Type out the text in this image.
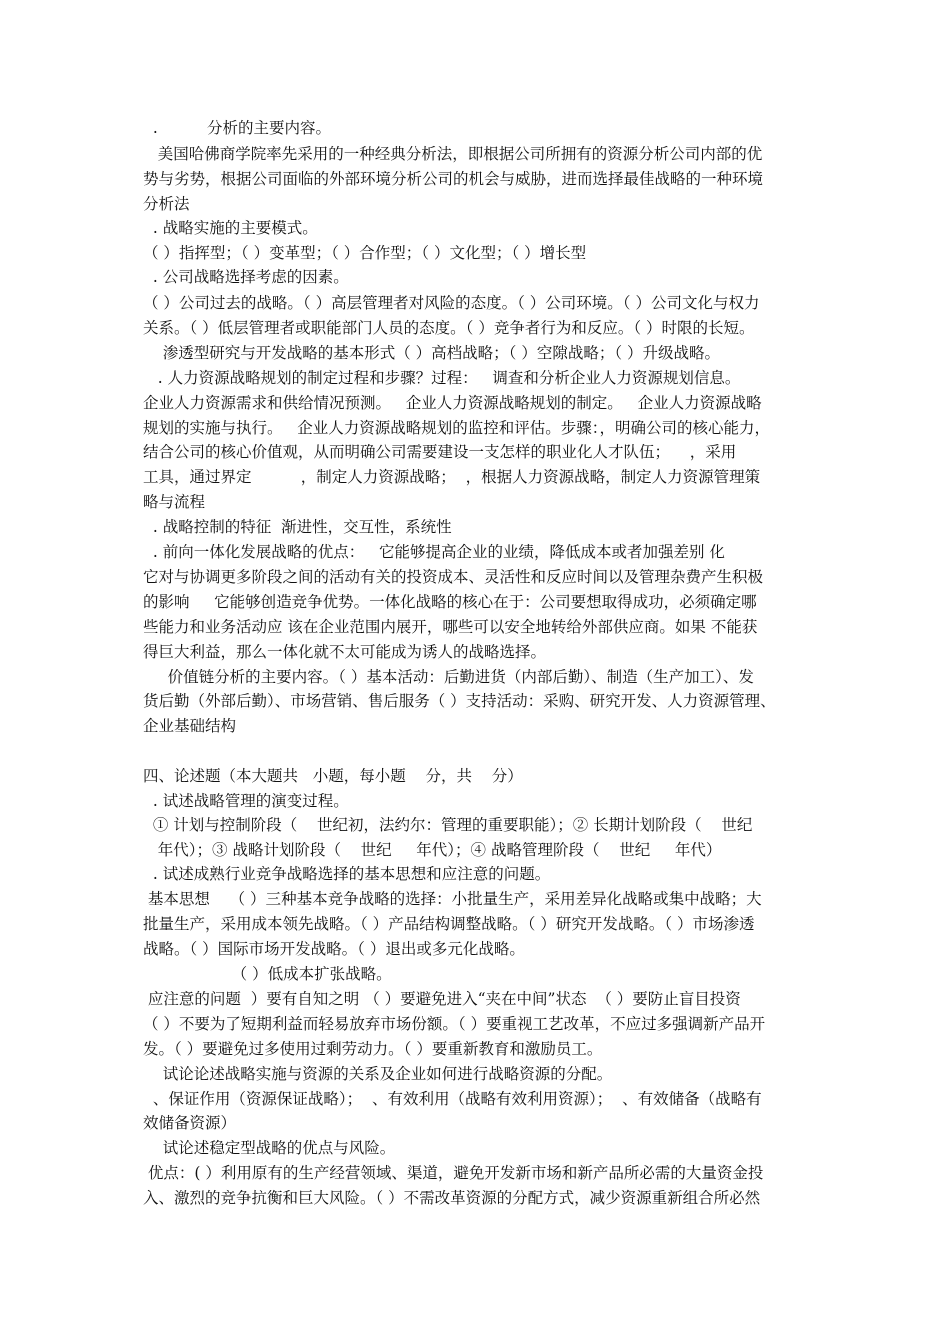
.          分析的主要内容。
美国哈佛商学院率先采用的一种经典分析法，即根据公司所拥有的资源分析公司内部的优
势与劣势，根据公司面临的外部环境分析公司的机会与威胁，进而选择最佳战略的一种环境
分析法
. 战略实施的主要模式。
（ ）指挥型；（ ）变革型；（ ）合作型；（ ）文化型；（ ）增长型
. 公司战略选择考虑的因素。
（ ）公司过去的战略。（ ）高层管理者对风险的态度。（ ）公司环境。（ ）公司文化与权力
关系。（ ）低层管理者或职能部门人员的态度。（ ）竞争者行为和反应。（ ）时限的长短。
渗透型研究与开发战略的基本形式（ ）高档战略；（ ）空隙战略；（ ）升级战略。
. 人力资源战略规划的制定过程和步骤？过程：   调查和分析企业人力资源规划信息。
企业人力资源需求和供给情况预测。   企业人力资源战略规划的制定。   企业人力资源战略
规划的实施与执行。   企业人力资源战略规划的监控和评估。步骤：，明确公司的核心能力，
结合公司的核心价值观，从而明确公司需要建设一支怎样的职业化人才队伍；    ，采用
工具，通过界定          ，制定人力资源战略；  ，根据人力资源战略，制定人力资源管理策
略与流程
. 战略控制的特征  渐进性，交互性，系统性
. 前向一体化发展战略的优点：   它能够提高企业的业绩，降低成本或者加强差别 化
它对与协调更多阶段之间的活动有关的投资成本、灵活性和反应时间以及管理杂费产生积极
的影响     它能够创造竞争优势。一体化战略的核心在于：公司要想取得成功，必须确定哪
些能力和业务活动应 该在企业范围内展开，哪些可以安全地转给外部供应商。如果 不能获
得巨大利益，那么一体化就不太可能成为诱人的战略选择。
价值链分析的主要内容。（ ）基本活动：后勤进货（内部后勤）、制造（生产加工）、发
货后勤（外部后勤）、市场营销、售后服务（ ）支持活动：采购、研究开发、人力资源管理、
企业基础结构
四、论述题（本大题共   小题，每小题    分，共    分）
. 试述战略管理的演变过程。
① 计划与控制阶段（    世纪初，法约尔：管理的重要职能）；② 长期计划阶段（    世纪
年代）；③ 战略计划阶段（    世纪     年代）；④ 战略管理阶段（    世纪     年代）
. 试述成熟行业竞争战略选择的基本思想和应注意的问题。
基本思想    （ ）三种基本竞争战略的选择：小批量生产，采用差异化战略或集中战略；大
批量生产，采用成本领先战略。（ ）产品结构调整战略。（ ）研究开发战略。（ ）市场渗透
战略。（ ）国际市场开发战略。（ ）退出或多元化战略。
（ ）低成本扩张战略。
应注意的问题  ）要有自知之明 （ ）要避免进入“夹在中间”状态  （ ）要防止盲目投资
（ ）不要为了短期利益而轻易放弃市场份额。（ ）要重视工艺改革，不应过多强调新产品开
发。（ ）要避免过多使用过剩劳动力。（ ）要重新教育和激励员工。
试论论述战略实施与资源的关系及企业如何进行战略资源的分配。
、保证作用（资源保证战略）；  、有效利用（战略有效利用资源）；  、有效储备（战略有
效储备资源）
试论述稳定型战略的优点与风险。
优点：( ）利用原有的生产经营领域、渠道，避免开发新市场和新产品所必需的大量资金投
入、激烈的竞争抗衡和巨大风险。（ ）不需改革资源的分配方式，减少资源重新组合所必然
